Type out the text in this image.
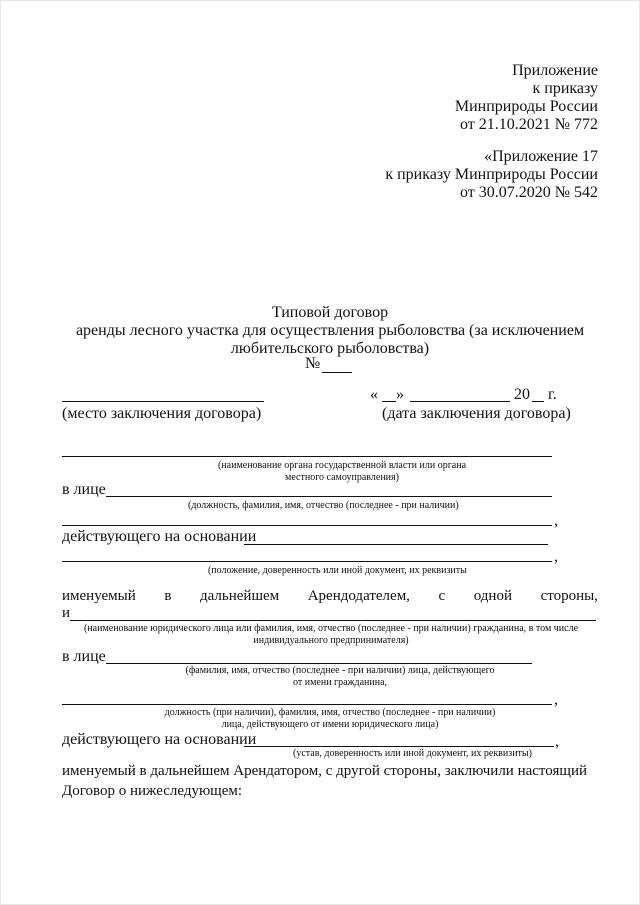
Приложение
к приказу
Минприроды России
от 21.10.2021 № 772
«Приложение 17
к приказу Минприроды России
от 30.07.2020 № 542
Типовой договор
аренды лесного участка для осуществления рыболовства (за исключением
любительского рыболовства)
№
« »	20 г.
(место заключения договора)	(дата заключения договора)
(наименование органа государственной власти или органа
местного самоуправления)
в лице
(должность, фамилия, имя, отчество (последнее - при наличии)
,
действующего на основании
,
(положение, доверенность или иной документ, их реквизиты
именуемый в дальнейшем Арендодателем, с одной стороны,
и
(наименование юридического лица или фамилия, имя, отчество (последнее - при наличии) гражданина, в том числе
индивидуального предпринимателя)
в лице
(фамилия, имя, отчество (последнее - при наличии) лица, действующего
от имени гражданина,
,
должность (при наличии), фамилия, имя, отчество (последнее - при наличии)
лица, действующего от имени юридического лица)
действующего на основании	,
(устав, доверенность или иной документ, их реквизиты)
именуемый в дальнейшем Арендатором, с другой стороны, заключили настоящий
Договор о нижеследующем:
